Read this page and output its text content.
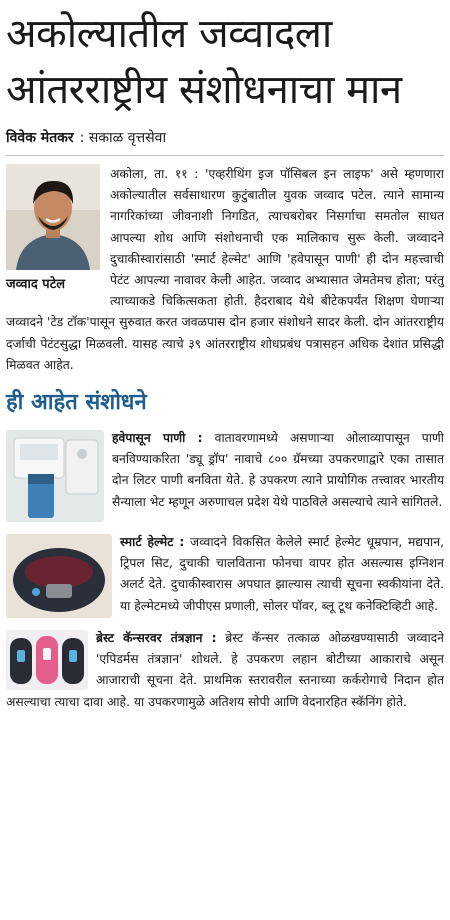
अकोल्यातील जव्वादला
आंतरराष्ट्रीय संशोधनाचा मान
विवेक मेतकर : सकाळ वृत्तसेवा
जव्वाद पटेल
अकोला, ता. ११ : 'एव्हरीथिंग इज पॉसिबल इन लाइफ' असे म्हणणारा अकोल्यातील सर्वसाधारण कुटुंबातील युवक जव्वाद पटेल. त्याने सामान्य नागरिकांच्या जीवनाशी निगडित, त्याचबरोबर निसर्गाचा समतोल साधत आपल्या शोध आणि संशोधनाची एक मालिकाच सुरू केली. जव्वादने दुचाकीस्वारांसाठी 'स्मार्ट हेल्मेट' आणि 'हवेपासून पाणी' ही दोन महत्त्वाची पेटंट आपल्या नावावर केली आहेत. जव्वाद अभ्यासात जेमतेमच होता; परंतु त्याच्याकडे चिकित्सकता होती. हैदराबाद येथे बीटेकपर्यंत शिक्षण घेणाऱ्या जव्वादने 'टेड टॉक'पासून सुरुवात करत जवळपास दोन हजार संशोधने सादर केली. दोन आंतरराष्ट्रीय दर्जाची पेटंटसुद्धा मिळवली. यासह त्याचे ३९ आंतरराष्ट्रीय शोधप्रबंध पत्रासहन अधिक देशांत प्रसिद्धी मिळवत आहेत.
ही आहेत संशोधने
हवेपासून पाणी : वातावरणामध्ये असणाऱ्या ओलाव्यापासून पाणी बनविण्याकरिता 'ड्यू ड्रॉप' नावाचे ८०० ग्रॅमच्या उपकरणाद्वारे एका तासात दोन लिटर पाणी बनविता येते. हे उपकरण त्याने प्रायोगिक तत्त्वावर भारतीय सैन्याला भेट म्हणून अरुणाचल प्रदेश येथे पाठविले असल्याचे त्याने सांगितले.
स्मार्ट हेल्मेट : जव्वादने विकसित केलेले स्मार्ट हेल्मेट धूम्रपान, मद्यपान, ट्रिपल सिट, दुचाकी चालविताना फोनचा वापर होत असल्यास इग्निशन अलर्ट देते. दुचाकीस्वारास अपघात झाल्यास त्याची सूचना स्वकीयांना देते. या हेल्मेटमध्ये जीपीएस प्रणाली, सोलर पॉवर, ब्लू टूथ कनेक्टिव्हिटी आहे.
ब्रेस्ट कॅन्सरवर तंत्रज्ञान : ब्रेस्ट कॅन्सर तत्काळ ओळखण्यासाठी जव्वादने 'एपिडर्मस तंत्रज्ञान' शोधले. हे उपकरण लहान बोटीच्या आकाराचे असून आजाराची सूचना देते. प्राथमिक स्तरावरील स्तनाच्या कर्करोगाचे निदान होत असल्याचा त्याचा दावा आहे. या उपकरणामुळे अतिशय सोपी आणि वेदनारहित स्कॅनिंग होते.
